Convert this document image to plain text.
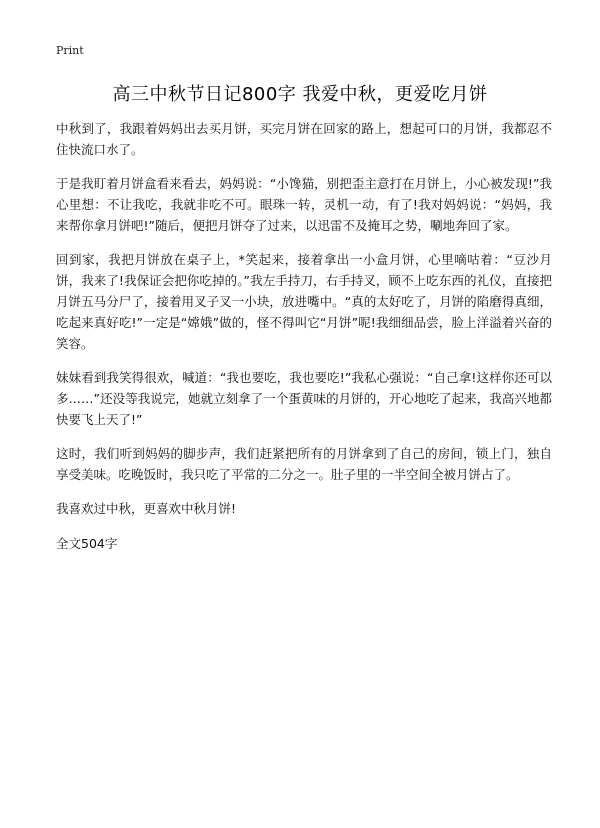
Print
高三中秋节日记800字 我爱中秋，更爱吃月饼

中秋到了，我跟着妈妈出去买月饼，买完月饼在回家的路上，想起可口的月饼，我都忍不住快流口水了。

于是我盯着月饼盒看来看去，妈妈说：“小馋猫，别把歪主意打在月饼上，小心被发现!”我心里想：不让我吃，我就非吃不可。眼珠一转，灵机一动，有了!我对妈妈说：“妈妈，我来帮你拿月饼吧!”随后，便把月饼夺了过来，以迅雷不及掩耳之势，唰地奔回了家。

回到家，我把月饼放在桌子上，*笑起来，接着拿出一小盒月饼，心里嘀咕着：“豆沙月饼，我来了!我保证会把你吃掉的。”我左手持刀，右手持叉，顾不上吃东西的礼仪，直接把月饼五马分尸了，接着用叉子叉一小块，放进嘴中。“真的太好吃了，月饼的陷磨得真细，吃起来真好吃!”一定是“嫦娥”做的，怪不得叫它“月饼”呢!我细细品尝，脸上洋溢着兴奋的笑容。

妹妹看到我笑得很欢，喊道：“我也要吃，我也要吃!”我私心强说：“自己拿!这样你还可以多……”还没等我说完，她就立刻拿了一个蛋黄味的月饼的，开心地吃了起来，我高兴地都快要飞上天了!”

这时，我们听到妈妈的脚步声，我们赶紧把所有的月饼拿到了自己的房间，锁上门，独自享受美味。吃晚饭时，我只吃了平常的二分之一。肚子里的一半空间全被月饼占了。

我喜欢过中秋，更喜欢中秋月饼!

全文504字
